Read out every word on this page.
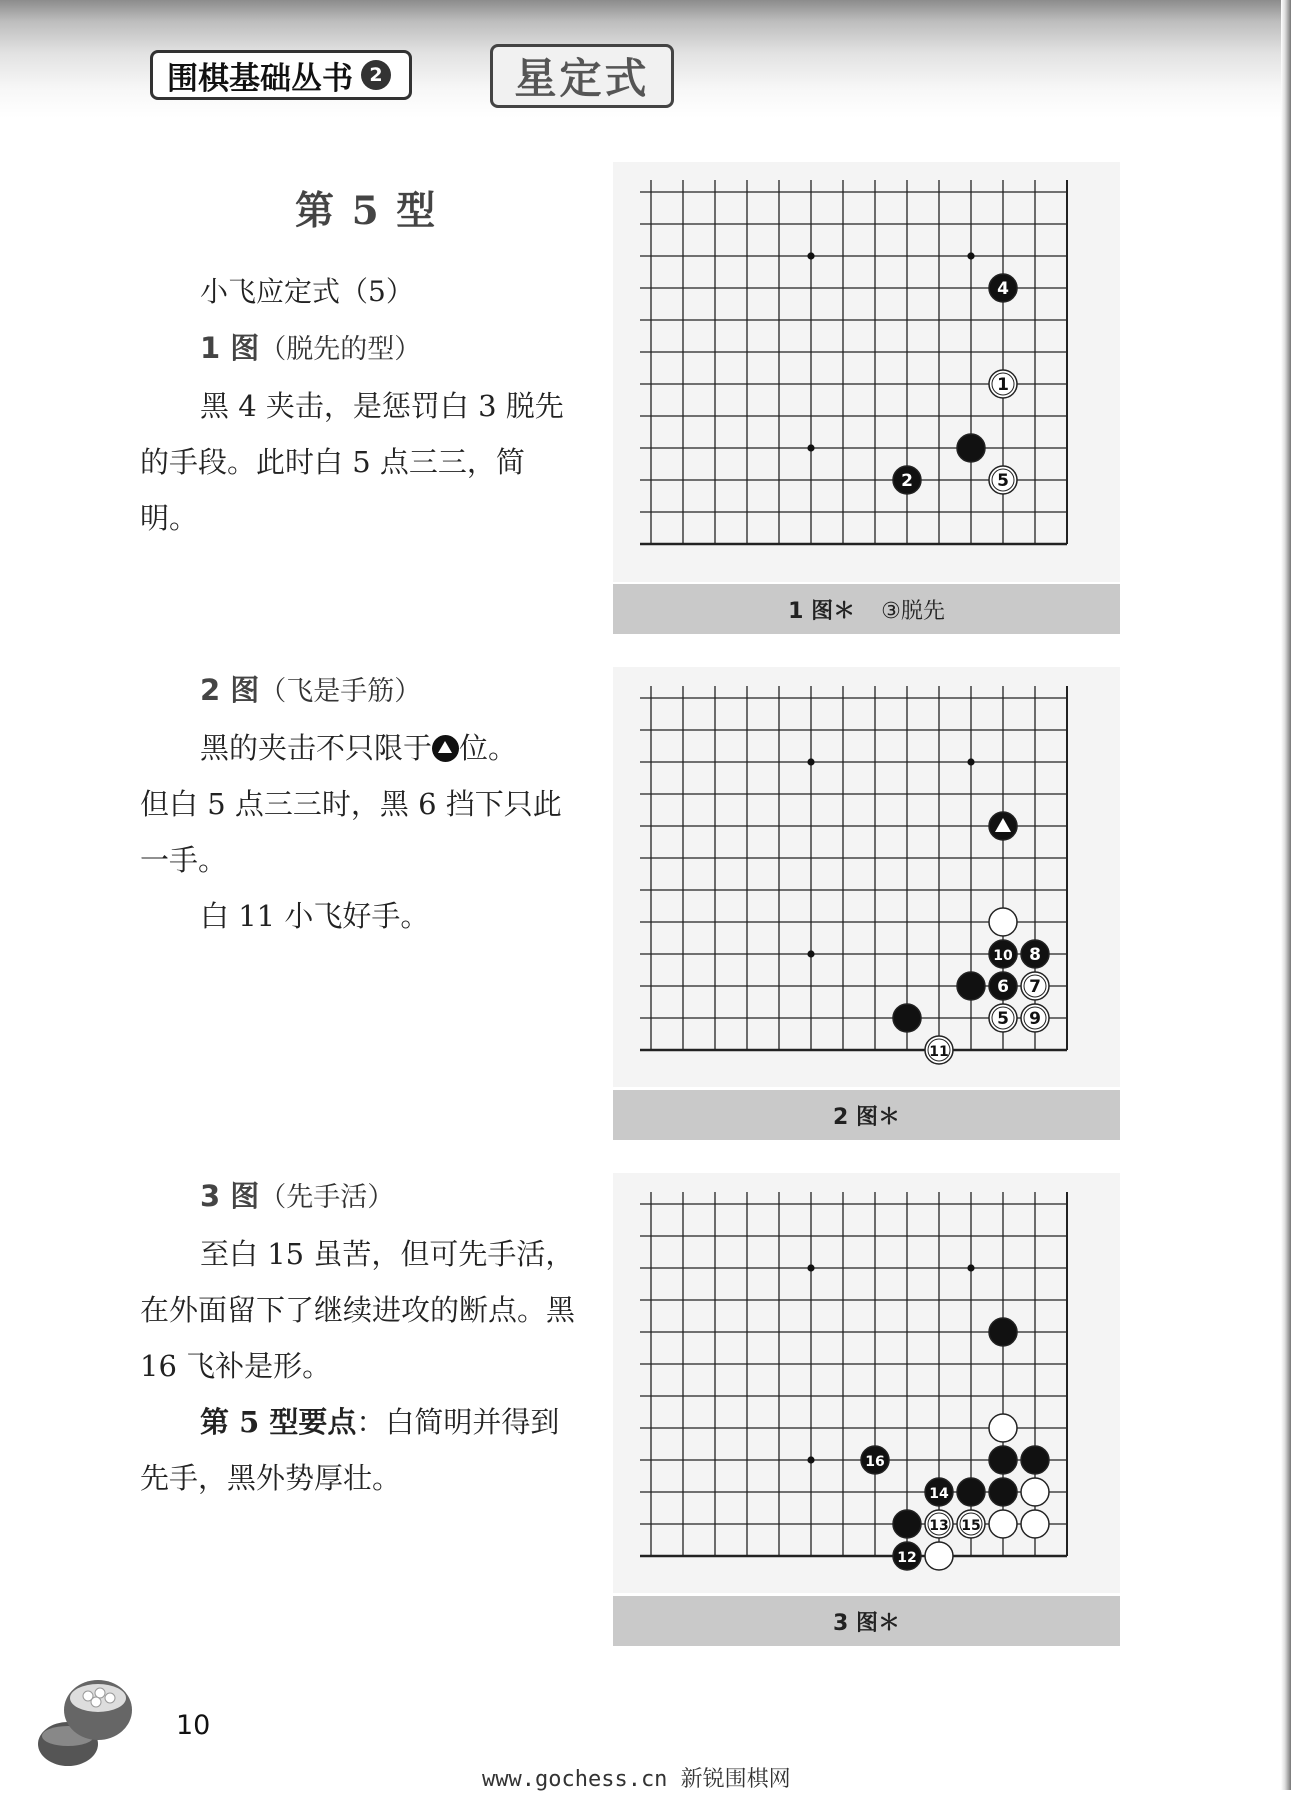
围棋基础丛书 2	星定式
第 5 型

小飞应定式（5）

1 图（脱先的型）

黑 4 夹击，是惩罚白 3 脱先的手段。此时白 5 点三三，简明。

2 图（飞是手筋）

黑的夹击不只限于 位。

但白 5 点三三时，黑 6 挡下只此一手。

白 11 小飞好手。

3 图（先手活）

至白 15 虽苦，但可先手活，在外面留下了继续进攻的断点。黑 16 飞补是形。

第 5 型要点：白简明并得到先手，黑外势厚壮。

4
1
2	5
1 图＊ ③脱先
10 8
6 7
5 9
11
2 图＊
16
14
13 15
12
3 图＊
10
www.gochess.cn 新锐围棋网
